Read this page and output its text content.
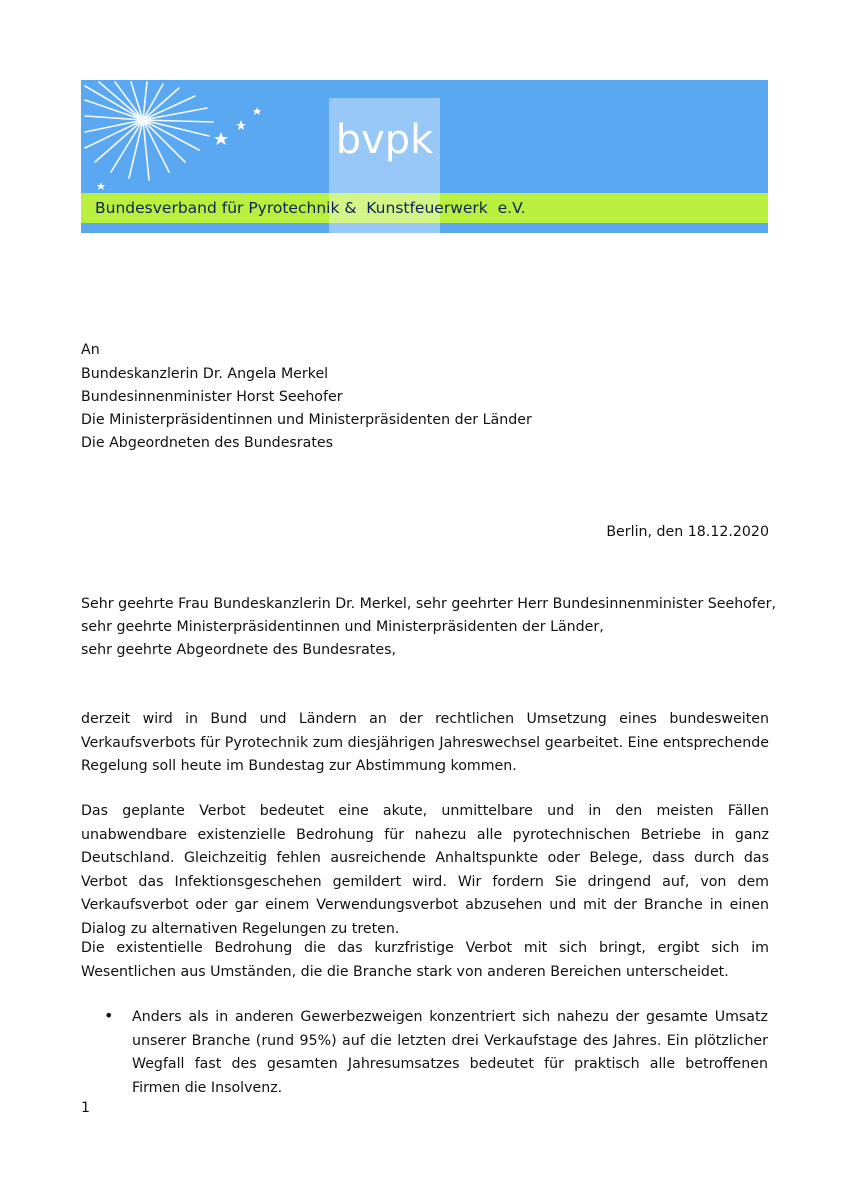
bvpk
Bundesverband für Pyrotechnik &  Kunstfeuerwerk  e.V.
An
Bundeskanzlerin Dr. Angela Merkel
Bundesinnenminister Horst Seehofer
Die Ministerpräsidentinnen und Ministerpräsidenten der Länder
Die Abgeordneten des Bundesrates
Berlin, den 18.12.2020
Sehr geehrte Frau Bundeskanzlerin Dr. Merkel, sehr geehrter Herr Bundesinnenminister Seehofer,
sehr geehrte Ministerpräsidentinnen und Ministerpräsidenten der Länder,
sehr geehrte Abgeordnete des Bundesrates,
derzeit wird in Bund und Ländern an der rechtlichen Umsetzung eines bundesweiten Verkaufsverbots für Pyrotechnik zum diesjährigen Jahreswechsel gearbeitet. Eine entsprechende Regelung soll heute im Bundestag zur Abstimmung kommen.
Das geplante Verbot bedeutet eine akute, unmittelbare und in den meisten Fällen unabwendbare existenzielle Bedrohung für nahezu alle pyrotechnischen Betriebe in ganz Deutschland. Gleichzeitig fehlen ausreichende Anhaltspunkte oder Belege, dass durch das Verbot das Infektionsgeschehen gemildert wird. Wir fordern Sie dringend auf, von dem Verkaufsverbot oder gar einem Verwendungsverbot abzusehen und mit der Branche in einen Dialog zu alternativen Regelungen zu treten.
Die existentielle Bedrohung die das kurzfristige Verbot mit sich bringt, ergibt sich im Wesentlichen aus Umständen, die die Branche stark von anderen Bereichen unterscheidet.
• Anders als in anderen Gewerbezweigen konzentriert sich nahezu der gesamte Umsatz unserer Branche (rund 95%) auf die letzten drei Verkaufstage des Jahres. Ein plötzlicher Wegfall fast des gesamten Jahresumsatzes bedeutet für praktisch alle betroffenen Firmen die Insolvenz.
1
